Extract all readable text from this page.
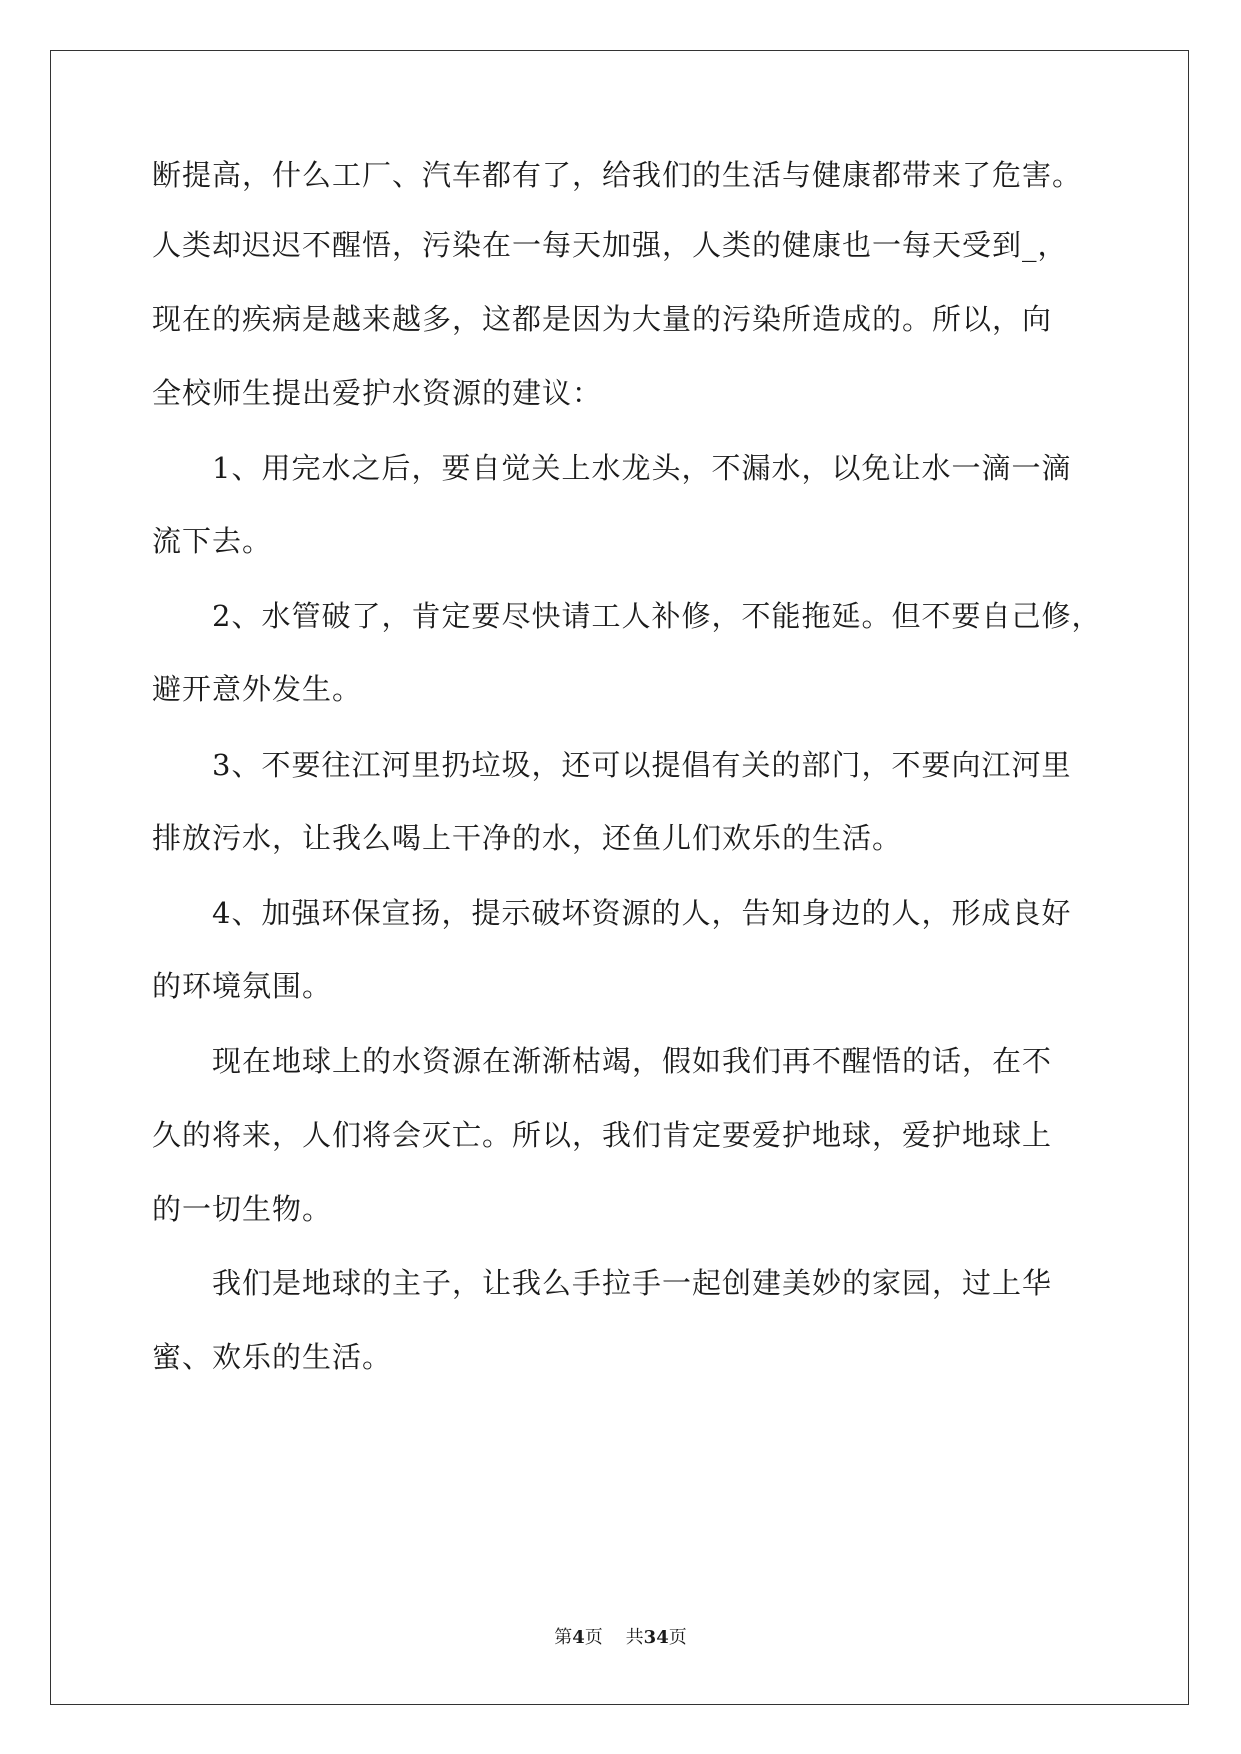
断提高，什么工厂、汽车都有了，给我们的生活与健康都带来了危害。
人类却迟迟不醒悟，污染在一每天加强，人类的健康也一每天受到_，
现在的疾病是越来越多，这都是因为大量的污染所造成的。所以，向
全校师生提出爱护水资源的建议：
　　1、用完水之后，要自觉关上水龙头，不漏水，以免让水一滴一滴
流下去。
　　2、水管破了，肯定要尽快请工人补修，不能拖延。但不要自己修，
避开意外发生。
　　3、不要往江河里扔垃圾，还可以提倡有关的部门，不要向江河里
排放污水，让我么喝上干净的水，还鱼儿们欢乐的生活。
　　4、加强环保宣扬，提示破坏资源的人，告知身边的人，形成良好
的环境氛围。
　　现在地球上的水资源在渐渐枯竭，假如我们再不醒悟的话，在不
久的将来，人们将会灭亡。所以，我们肯定要爱护地球，爱护地球上
的一切生物。
　　我们是地球的主子，让我么手拉手一起创建美妙的家园，过上华
蜜、欢乐的生活。
第4页 共34页
